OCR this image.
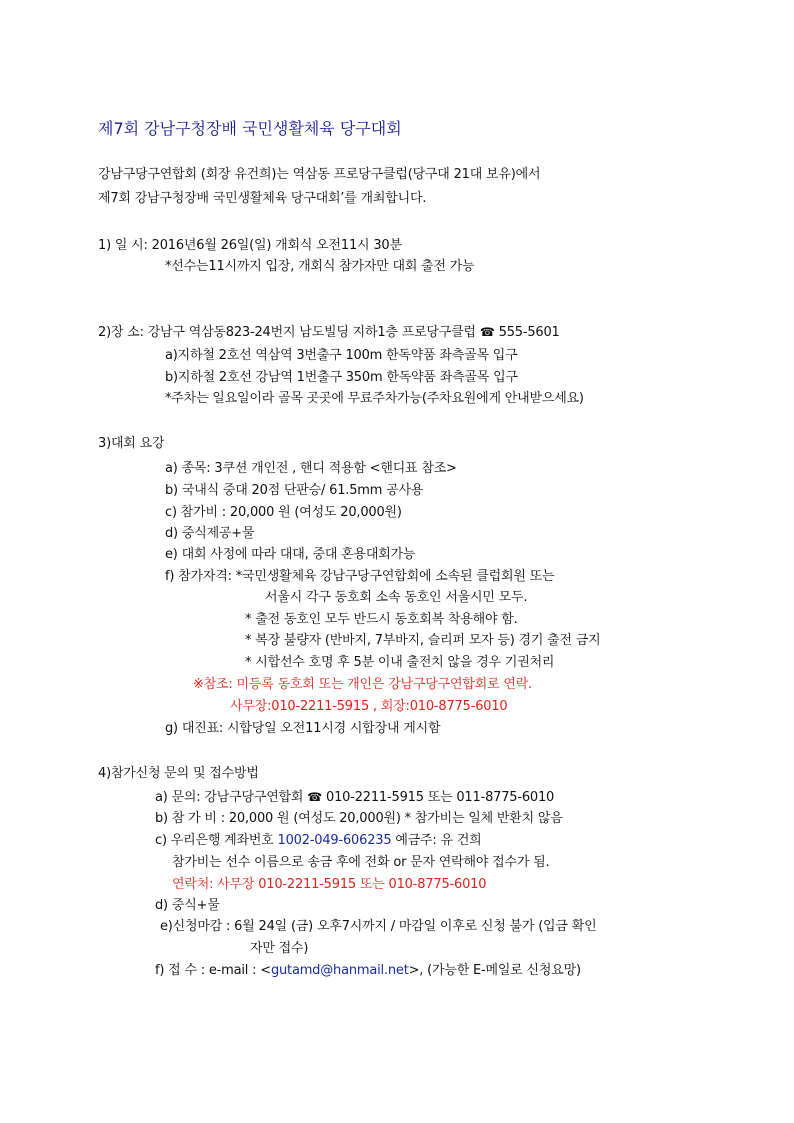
제7회 강남구청장배 국민생활체육 당구대회
강남구당구연합회 (회장 유건희)는 역삼동 프로당구클럽(당구대 21대 보유)에서
제7회 강남구청장배 국민생활체육 당구대회’를 개최합니다.
1) 일 시: 2016년6월 26일(일) 개회식 오전11시 30분
*선수는11시까지 입장, 개회식 참가자만 대회 출전 가능
2)장 소: 강남구 역삼동823-24번지 남도빌딩 지하1층 프로당구클럽 ☎ 555-5601
a)지하철 2호선 역삼역 3번출구 100m 한독약품 좌측골목 입구
b)지하철 2호선 강남역 1번출구 350m 한독약품 좌측골목 입구
*주차는 일요일이라 골목 곳곳에 무료주차가능(주차요원에게 안내받으세요)
3)대회 요강
a) 종목: 3쿠션 개인전 , 핸디 적용함 <핸디표 참조>
b) 국내식 중대 20점 단판승/ 61.5mm 공사용
c) 참가비 : 20,000 원 (여성도 20,000원)
d) 중식제공+물
e) 대회 사정에 따라 대대, 중대 혼용대회가능
f) 참가자격: *국민생활체육 강남구당구연합회에 소속된 클럽회원 또는
서울시 각구 동호회 소속 동호인 서울시민 모두.
* 출전 동호인 모두 반드시 동호회복 착용해야 함.
* 복장 불량자 (반바지, 7부바지, 슬리퍼 모자 등) 경기 출전 금지
* 시합선수 호명 후 5분 이내 출전치 않을 경우 기권처리
※참조: 미등록 동호회 또는 개인은 강남구당구연합회로 연락.
사무장:010-2211-5915 , 회장:010-8775-6010
g) 대진표: 시합당일 오전11시경 시합장내 게시함
4)참가신청 문의 및 접수방법
a) 문의: 강남구당구연합회 ☎ 010-2211-5915 또는 011-8775-6010
b) 참 가 비 : 20,000 원 (여성도 20,000원) * 참가비는 일체 반환치 않음
c) 우리은행 계좌번호 1002-049-606235 예금주: 유 건희
참가비는 선수 이름으로 송금 후에 전화 or 문자 연락해야 접수가 됨.
연락처: 사무장 010-2211-5915 또는 010-8775-6010
d) 중식+물
e)신청마감 : 6월 24일 (금) 오후7시까지 / 마감일 이후로 신청 불가 (입금 확인
자만 접수)
f) 접 수 : e-mail : <gutamd@hanmail.net>, (가능한 E-메일로 신청요망)
